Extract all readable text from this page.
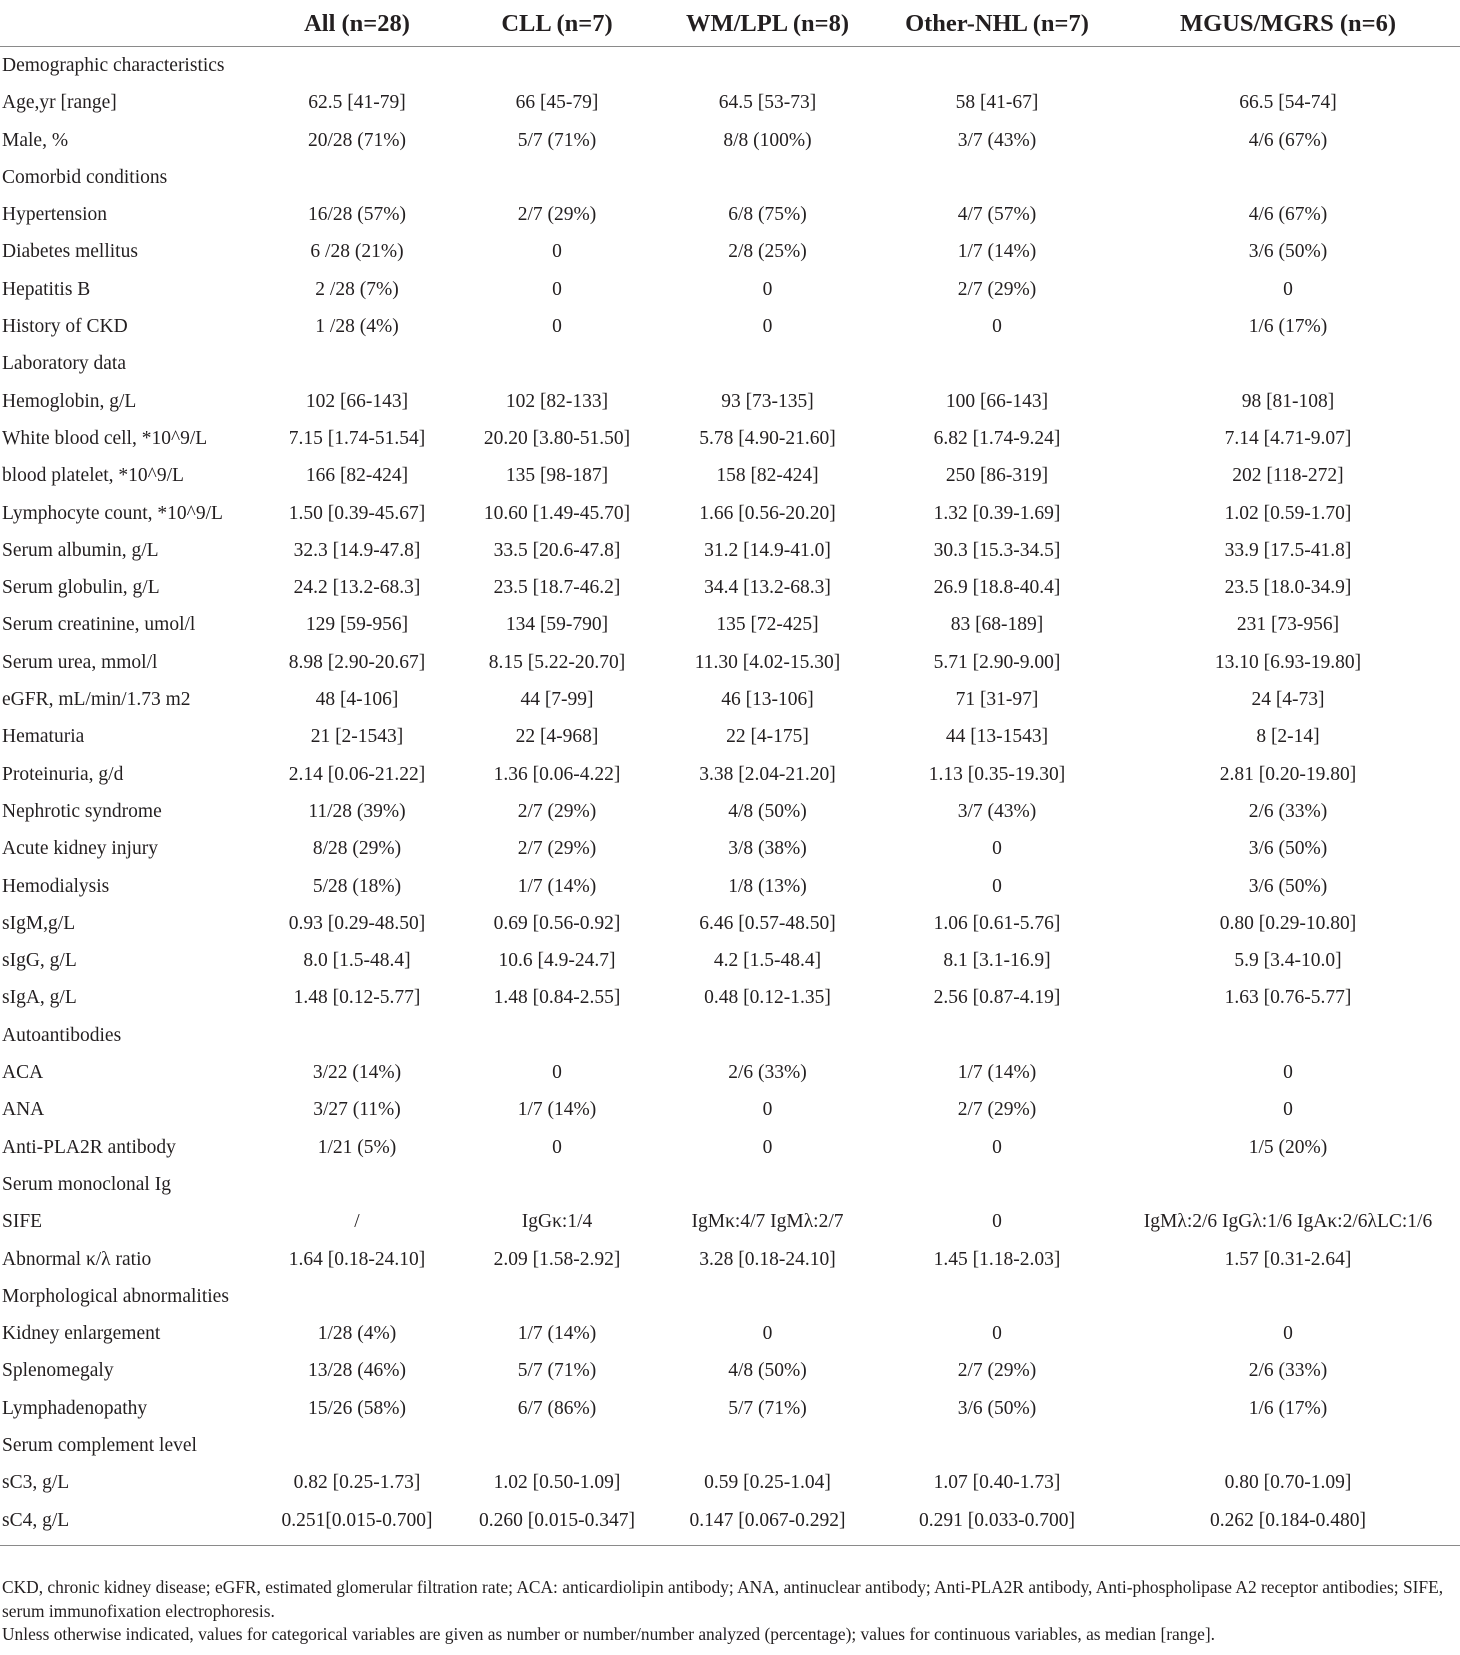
	All (n=28)	CLL (n=7)	WM/LPL (n=8)	Other-NHL (n=7)	MGUS/MGRS (n=6)
Demographic characteristics					
Age,yr [range]	62.5 [41-79]	66 [45-79]	64.5 [53-73]	58 [41-67]	66.5 [54-74]
Male, %	20/28 (71%)	5/7 (71%)	8/8 (100%)	3/7 (43%)	4/6 (67%)
Comorbid conditions					
Hypertension	16/28 (57%)	2/7 (29%)	6/8 (75%)	4/7 (57%)	4/6 (67%)
Diabetes mellitus	6 /28 (21%)	0	2/8 (25%)	1/7 (14%)	3/6 (50%)
Hepatitis B	2 /28 (7%)	0	0	2/7 (29%)	0
History of CKD	1 /28 (4%)	0	0	0	1/6 (17%)
Laboratory data					
Hemoglobin, g/L	102 [66-143]	102 [82-133]	93 [73-135]	100 [66-143]	98 [81-108]
White blood cell, *10^9/L	7.15 [1.74-51.54]	20.20 [3.80-51.50]	5.78 [4.90-21.60]	6.82 [1.74-9.24]	7.14 [4.71-9.07]
blood platelet, *10^9/L	166 [82-424]	135 [98-187]	158 [82-424]	250 [86-319]	202 [118-272]
Lymphocyte count, *10^9/L	1.50 [0.39-45.67]	10.60 [1.49-45.70]	1.66 [0.56-20.20]	1.32 [0.39-1.69]	1.02 [0.59-1.70]
Serum albumin, g/L	32.3 [14.9-47.8]	33.5 [20.6-47.8]	31.2 [14.9-41.0]	30.3 [15.3-34.5]	33.9 [17.5-41.8]
Serum globulin, g/L	24.2 [13.2-68.3]	23.5 [18.7-46.2]	34.4 [13.2-68.3]	26.9 [18.8-40.4]	23.5 [18.0-34.9]
Serum creatinine, umol/l	129 [59-956]	134 [59-790]	135 [72-425]	83 [68-189]	231 [73-956]
Serum urea, mmol/l	8.98 [2.90-20.67]	8.15 [5.22-20.70]	11.30 [4.02-15.30]	5.71 [2.90-9.00]	13.10 [6.93-19.80]
eGFR, mL/min/1.73 m2	48 [4-106]	44 [7-99]	46 [13-106]	71 [31-97]	24 [4-73]
Hematuria	21 [2-1543]	22 [4-968]	22 [4-175]	44 [13-1543]	8 [2-14]
Proteinuria, g/d	2.14 [0.06-21.22]	1.36 [0.06-4.22]	3.38 [2.04-21.20]	1.13 [0.35-19.30]	2.81 [0.20-19.80]
Nephrotic syndrome	11/28 (39%)	2/7 (29%)	4/8 (50%)	3/7 (43%)	2/6 (33%)
Acute kidney injury	8/28 (29%)	2/7 (29%)	3/8 (38%)	0	3/6 (50%)
Hemodialysis	5/28 (18%)	1/7 (14%)	1/8 (13%)	0	3/6 (50%)
sIgM,g/L	0.93 [0.29-48.50]	0.69 [0.56-0.92]	6.46 [0.57-48.50]	1.06 [0.61-5.76]	0.80 [0.29-10.80]
sIgG, g/L	8.0 [1.5-48.4]	10.6 [4.9-24.7]	4.2 [1.5-48.4]	8.1 [3.1-16.9]	5.9 [3.4-10.0]
sIgA, g/L	1.48 [0.12-5.77]	1.48 [0.84-2.55]	0.48 [0.12-1.35]	2.56 [0.87-4.19]	1.63 [0.76-5.77]
Autoantibodies					
ACA	3/22 (14%)	0	2/6 (33%)	1/7 (14%)	0
ANA	3/27 (11%)	1/7 (14%)	0	2/7 (29%)	0
Anti-PLA2R antibody	1/21 (5%)	0	0	0	1/5 (20%)
Serum monoclonal Ig					
SIFE	/	IgGκ:1/4	IgMκ:4/7 IgMλ:2/7	0	IgMλ:2/6 IgGλ:1/6 IgAκ:2/6λLC:1/6
Abnormal κ/λ ratio	1.64 [0.18-24.10]	2.09 [1.58-2.92]	3.28 [0.18-24.10]	1.45 [1.18-2.03]	1.57 [0.31-2.64]
Morphological abnormalities					
Kidney enlargement	1/28 (4%)	1/7 (14%)	0	0	0
Splenomegaly	13/28 (46%)	5/7 (71%)	4/8 (50%)	2/7 (29%)	2/6 (33%)
Lymphadenopathy	15/26 (58%)	6/7 (86%)	5/7 (71%)	3/6 (50%)	1/6 (17%)
Serum complement level					
sC3, g/L	0.82 [0.25-1.73]	1.02 [0.50-1.09]	0.59 [0.25-1.04]	1.07 [0.40-1.73]	0.80 [0.70-1.09]
sC4, g/L	0.251[0.015-0.700]	0.260 [0.015-0.347]	0.147 [0.067-0.292]	0.291 [0.033-0.700]	0.262 [0.184-0.480]

CKD, chronic kidney disease; eGFR, estimated glomerular filtration rate; ACA: anticardiolipin antibody; ANA, antinuclear antibody; Anti-PLA2R antibody, Anti-phospholipase A2 receptor antibodies; SIFE, serum immunofixation electrophoresis.

Unless otherwise indicated, values for categorical variables are given as number or number/number analyzed (percentage); values for continuous variables, as median [range].
